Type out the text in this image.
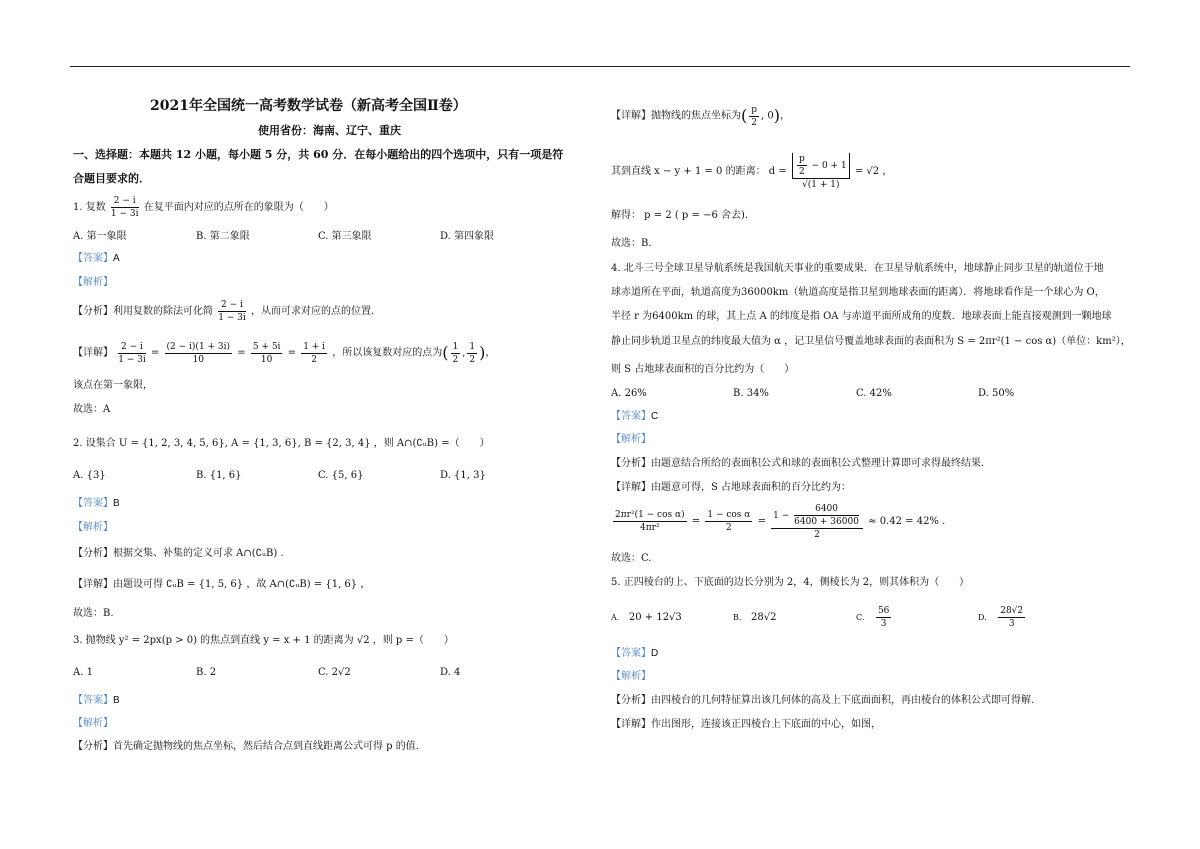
2021年全国统一高考数学试卷（新高考全国Ⅱ卷）
使用省份：海南、辽宁、重庆
一、选择题：本题共 12 小题，每小题 5 分，共 60 分．在每小题给出的四个选项中，只有一项是符
合题目要求的．
1. 复数 $\frac{2 - i}{1 - 3i}$ 在复平面内对应的点所在的象限为（　　）
A. 第一象限	B. 第二象限	C. 第三象限	D. 第四象限
【答案】A
【解析】
【分析】利用复数的除法可化简 $\frac{2 - i}{1 - 3i}$ ，从而可求对应的点的位置.
【详解】 $\frac{2 - i}{1 - 3i} = \frac{(2 - i)(1 + 3i)}{10} = \frac{5 + 5i}{10} = \frac{1 + i}{2}$ ，所以该复数对应的点为( $\frac{1}{2}$ , $\frac{1}{2}$ )，
该点在第一象限，
故选：A
2. 设集合 U = {1, 2, 3, 4, 5, 6}, A = {1, 3, 6}, B = {2, 3, 4} ，则 A∩(∁ᵤB) =（　　）
A. {3}	B. {1, 6}	C. {5, 6}	D. {1, 3}
【答案】B
【解析】
【分析】根据交集、补集的定义可求 A∩(∁ᵤB) .
【详解】由题设可得 ∁ᵤB = {1, 5, 6} ，故 A∩(∁ᵤB) = {1, 6} ，
故选：B.
3. 抛物线 y² = 2px(p > 0) 的焦点到直线 y = x + 1 的距离为 √2 ，则 p =（　　）
A. 1	B. 2	C. 2√2	D. 4
【答案】B
【解析】
【分析】首先确定抛物线的焦点坐标，然后结合点到直线距离公式可得 p 的值.
【详解】抛物线的焦点坐标为( $\frac{p}{2}$ , 0)，
其到直线 x − y + 1 = 0 的距离： $d = \frac{\frac{p}{2} - 0 + 1}{√(1 + 1)} = √2$ ，
解得： p = 2 ( p = −6 舍去).
故选：B.
4. 北斗三号全球卫星导航系统是我国航天事业的重要成果．在卫星导航系统中，地球静止同步卫星的轨道位于地
球赤道所在平面，轨道高度为36000km（轨道高度是指卫星到地球表面的距离）．将地球看作是一个球心为 O，
半径 r 为6400km 的球，其上点 A 的纬度是指 OA 与赤道平面所成角的度数．地球表面上能直接观测到一颗地球
静止同步轨道卫星点的纬度最大值为 α ，记卫星信号覆盖地球表面的表面积为 S = 2πr²(1 − cos α)（单位：km²），
则 S 占地球表面积的百分比约为（　　）
A. 26%	B. 34%	C. 42%	D. 50%
【答案】C
【解析】
【分析】由题意结合所给的表面积公式和球的表面积公式整理计算即可求得最终结果.
【详解】由题意可得，S 占地球表面积的百分比约为：
$\frac{\text{2πr²(1 − cos α)}}{\text{4πr²}} = \frac{\text{1 − cos α}}{2} = \frac{1 - \frac{6400}{6400 + 36000}}{2} \approx 0.42 = 42\%$ .
故选：C.
5. 正四棱台的上、下底面的边长分别为 2，4，侧棱长为 2，则其体积为（　　）
A. 20 + 12√3	B. 28√2	C. $\frac{56}{3}$	D. $\frac{28√2}{3}$
【答案】D
【解析】
【分析】由四棱台的几何特征算出该几何体的高及上下底面面积，再由棱台的体积公式即可得解.
【详解】作出图形，连接该正四棱台上下底面的中心，如图，
